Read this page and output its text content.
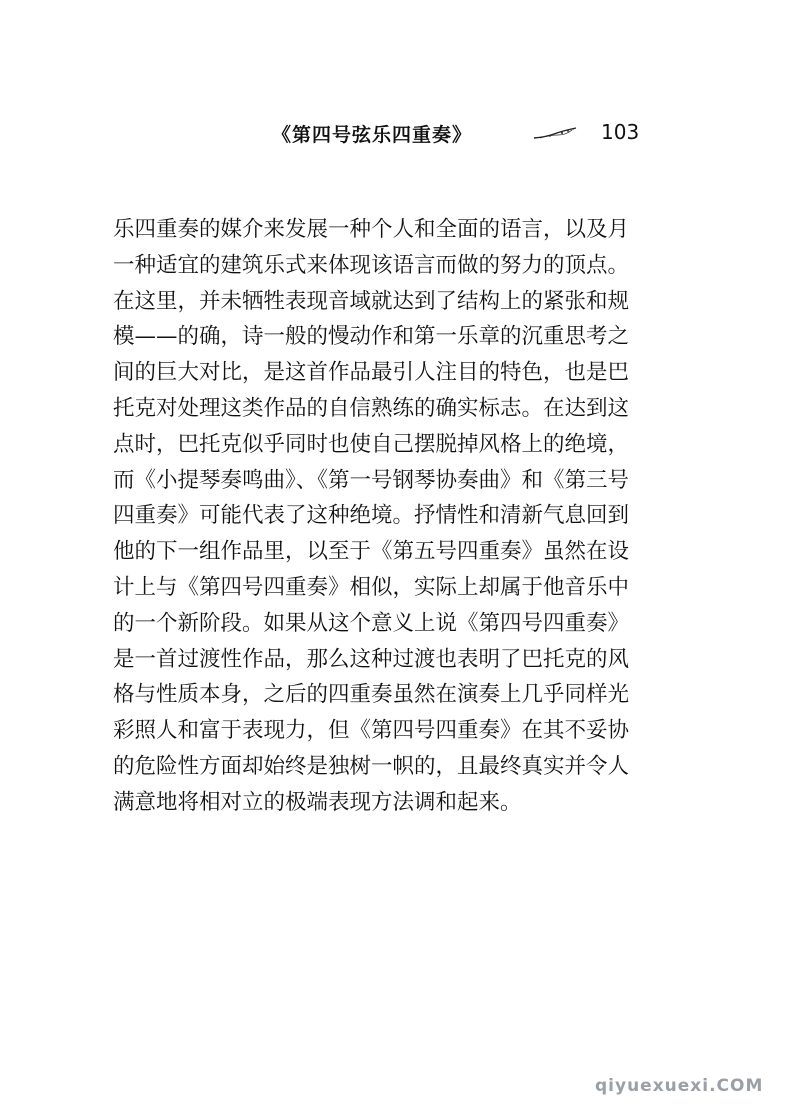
《第四号弦乐四重奏》	103
乐四重奏的媒介来发展一种个人和全面的语言，以及月
一种适宜的建筑乐式来体现该语言而做的努力的顶点。
在这里，并未牺牲表现音域就达到了结构上的紧张和规
模——的确，诗一般的慢动作和第一乐章的沉重思考之
间的巨大对比，是这首作品最引人注目的特色，也是巴
托克对处理这类作品的自信熟练的确实标志。在达到这
点时，巴托克似乎同时也使自己摆脱掉风格上的绝境，
而《小提琴奏鸣曲》、《第一号钢琴协奏曲》和《第三号
四重奏》可能代表了这种绝境。抒情性和清新气息回到
他的下一组作品里，以至于《第五号四重奏》虽然在设
计上与《第四号四重奏》相似，实际上却属于他音乐中
的一个新阶段。如果从这个意义上说《第四号四重奏》
是一首过渡性作品，那么这种过渡也表明了巴托克的风
格与性质本身，之后的四重奏虽然在演奏上几乎同样光
彩照人和富于表现力，但《第四号四重奏》在其不妥协
的危险性方面却始终是独树一帜的，且最终真实并令人
满意地将相对立的极端表现方法调和起来。
qiyuexuexi.COM
